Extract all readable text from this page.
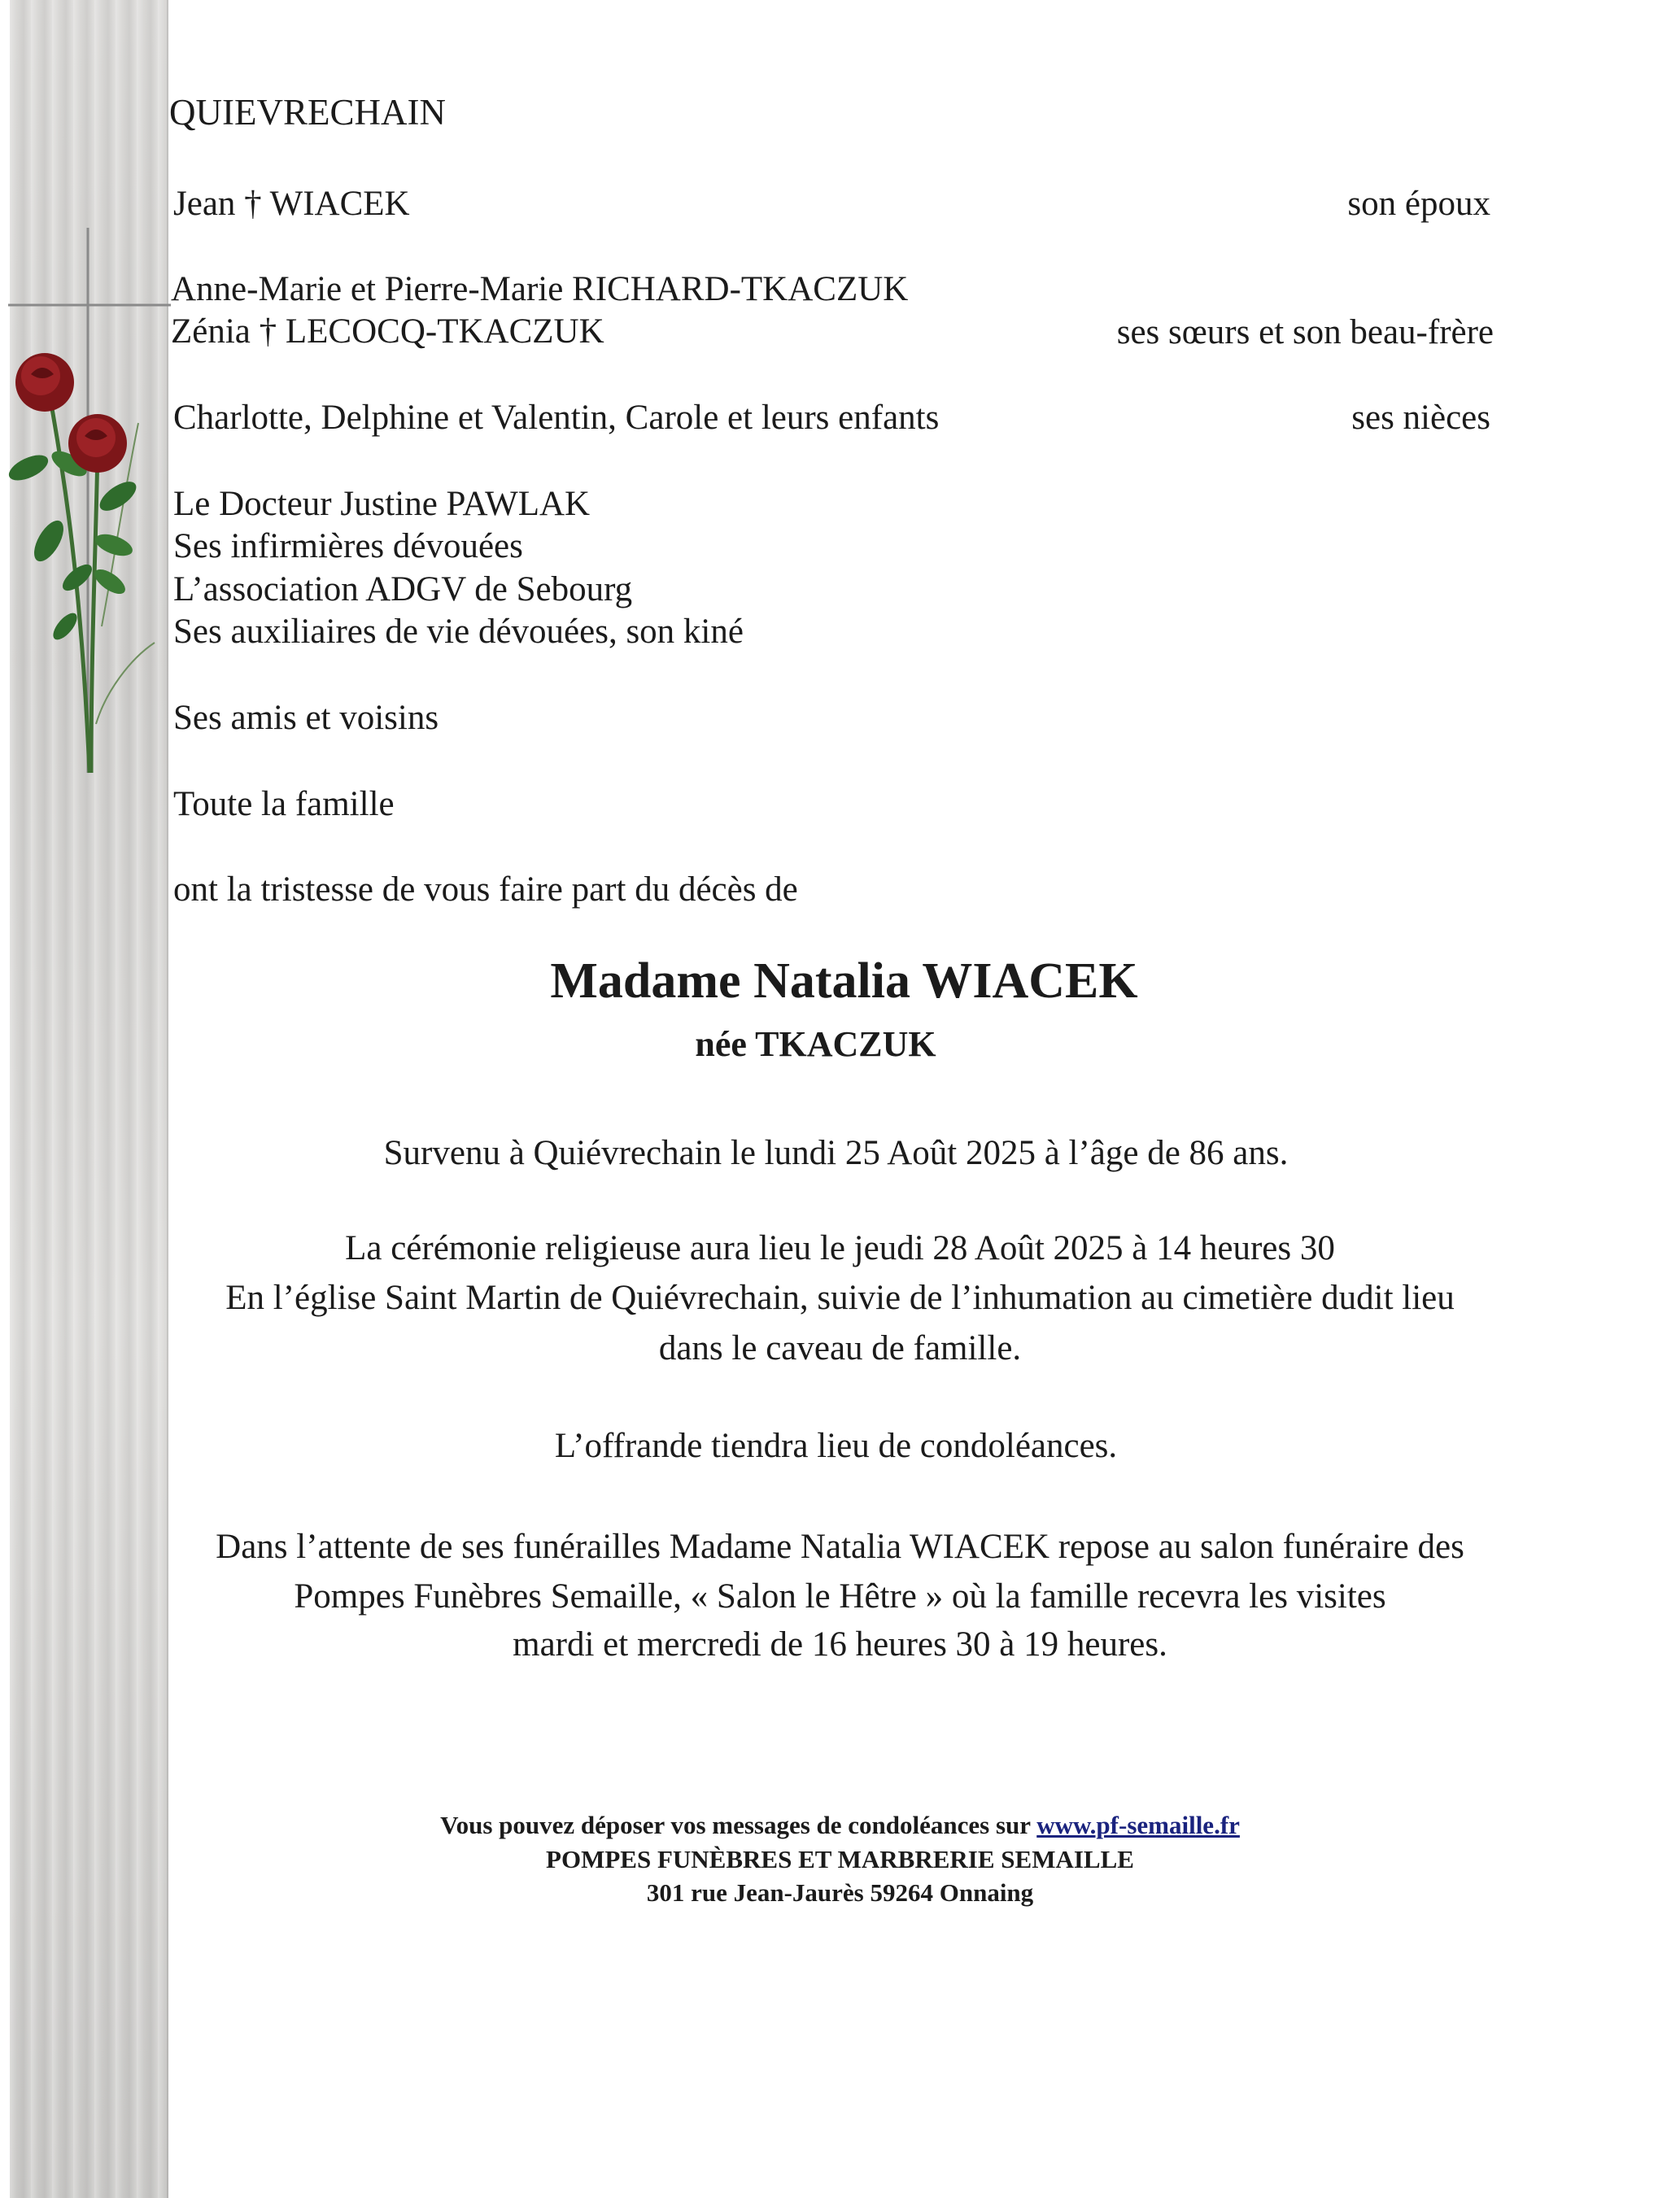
QUIEVRECHAIN
Jean † WIACEK	son époux
Anne-Marie et Pierre-Marie RICHARD-TKACZUK
Zénia † LECOCQ-TKACZUK	ses sœurs et son beau-frère
Charlotte, Delphine et Valentin, Carole et leurs enfants	ses nièces
Le Docteur Justine PAWLAK
Ses infirmières dévouées
L’association ADGV de Sebourg
Ses auxiliaires de vie dévouées, son kiné
Ses amis et voisins
Toute la famille
ont la tristesse de vous faire part du décès de
Madame Natalia WIACEK
née TKACZUK
Survenu à Quiévrechain le lundi 25 Août 2025 à l’âge de 86 ans.
La cérémonie religieuse aura lieu le jeudi 28 Août 2025 à 14 heures 30
En l’église Saint Martin de Quiévrechain, suivie de l’inhumation au cimetière dudit lieu
dans le caveau de famille.
L’offrande tiendra lieu de condoléances.
Dans l’attente de ses funérailles Madame Natalia WIACEK repose au salon funéraire des
Pompes Funèbres Semaille, « Salon le Hêtre » où la famille recevra les visites
mardi et mercredi de 16 heures 30 à 19 heures.
Vous pouvez déposer vos messages de condoléances sur www.pf-semaille.fr
POMPES FUNÈBRES ET MARBRERIE SEMAILLE
301 rue Jean-Jaurès 59264 Onnaing
